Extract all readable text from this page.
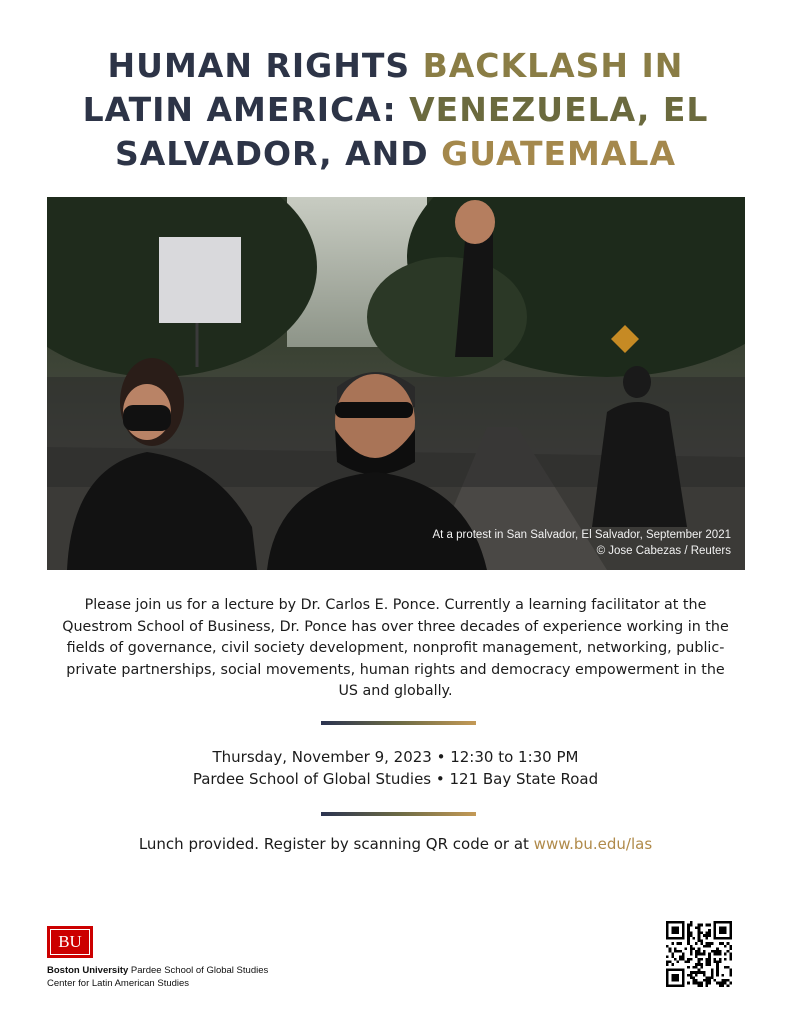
HUMAN RIGHTS BACKLASH IN
LATIN AMERICA: VENEZUELA, EL
SALVADOR, AND GUATEMALA
At a protest in San Salvador, El Salvador, September 2021
© Jose Cabezas / Reuters
Please join us for a lecture by Dr. Carlos E. Ponce. Currently a learning facilitator at the Questrom School of Business, Dr. Ponce has over three decades of experience working in the fields of governance, civil society development, nonprofit management, networking, public-private partnerships, social movements, human rights and democracy empowerment in the US and globally.
Thursday, November 9, 2023 • 12:30 to 1:30 PM
Pardee School of Global Studies • 121 Bay State Road
Lunch provided. Register by scanning QR code or at www.bu.edu/las
BU
Boston University Pardee School of Global Studies
Center for Latin American Studies
